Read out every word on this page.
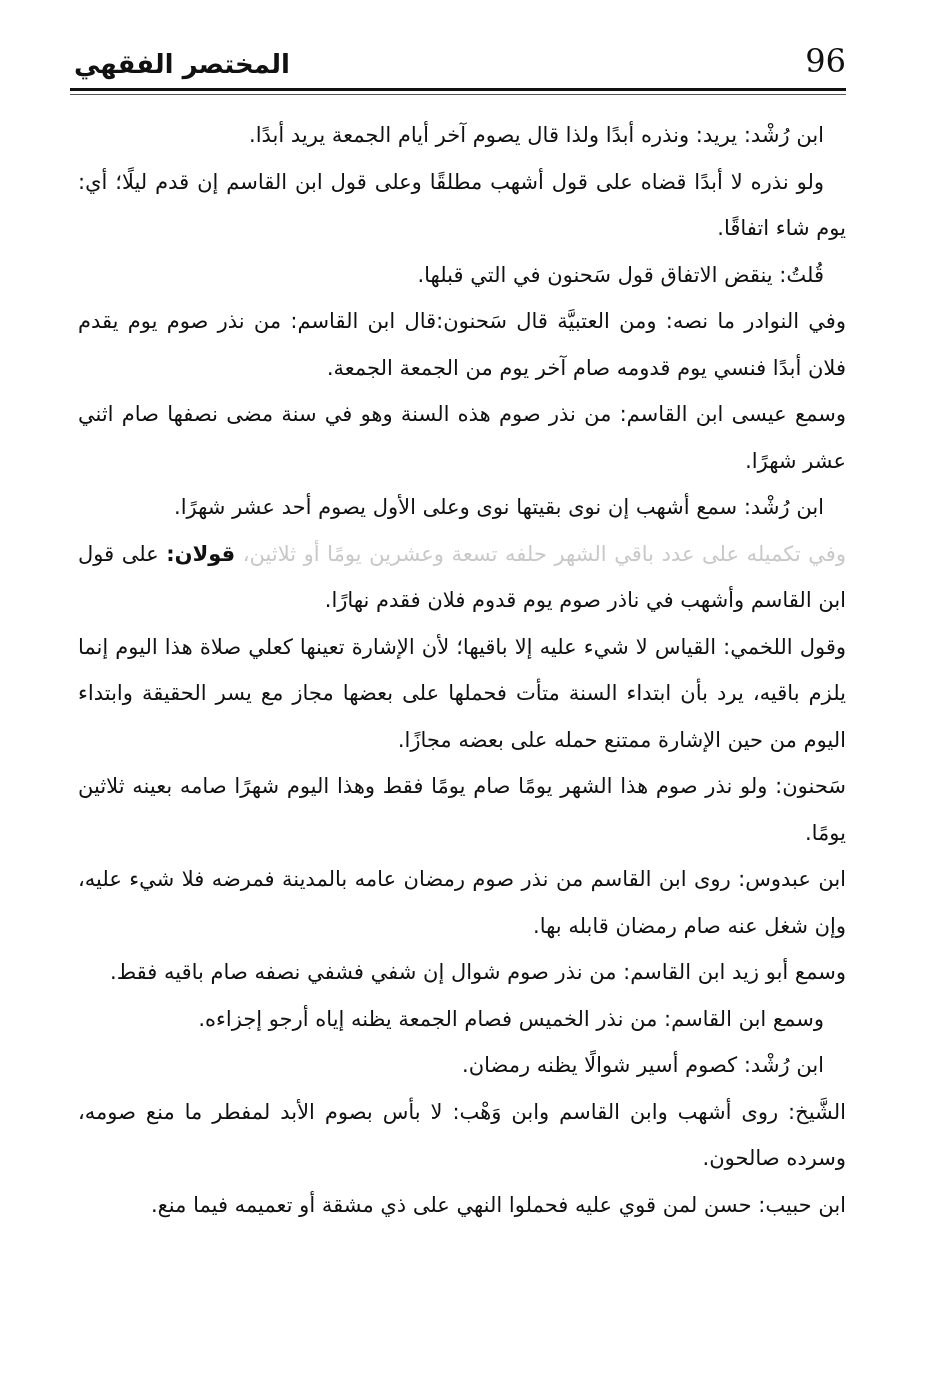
96
المختصر الفقهي

ابن رُشْد: يريد: ونذره أبدًا ولذا قال يصوم آخر أيام الجمعة يريد أبدًا.

ولو نذره لا أبدًا قضاه على قول أشهب مطلقًا وعلى قول ابن القاسم إن قدم ليلًا؛ أي: يوم شاء اتفاقًا.

قُلتُ: ينقض الاتفاق قول سَحنون في التي قبلها.

وفي النوادر ما نصه: ومن العتبيَّة قال سَحنون:قال ابن القاسم: من نذر صوم يوم يقدم فلان أبدًا فنسي يوم قدومه صام آخر يوم من الجمعة الجمعة.

وسمع عيسى ابن القاسم: من نذر صوم هذه السنة وهو في سنة مضى نصفها صام اثني عشر شهرًا.

ابن رُشْد: سمع أشهب إن نوى بقيتها نوى وعلى الأول يصوم أحد عشر شهرًا.

وفي تكميله على عدد باقي الشهر حلفه تسعة وعشرين يومًا أو ثلاثين، قولان: على قول ابن القاسم وأشهب في ناذر صوم يوم قدوم فلان فقدم نهارًا.

وقول اللخمي: القياس لا شيء عليه إلا باقيها؛ لأن الإشارة تعينها كعلي صلاة هذا اليوم إنما يلزم باقيه، يرد بأن ابتداء السنة متأت فحملها على بعضها مجاز مع يسر الحقيقة وابتداء اليوم من حين الإشارة ممتنع حمله على بعضه مجازًا.

سَحنون: ولو نذر صوم هذا الشهر يومًا صام يومًا فقط وهذا اليوم شهرًا صامه بعينه ثلاثين يومًا.

ابن عبدوس: روى ابن القاسم من نذر صوم رمضان عامه بالمدينة فمرضه فلا شيء عليه، وإن شغل عنه صام رمضان قابله بها.

وسمع أبو زيد ابن القاسم: من نذر صوم شوال إن شفي فشفي نصفه صام باقيه فقط.

وسمع ابن القاسم: من نذر الخميس فصام الجمعة يظنه إياه أرجو إجزاءه.

ابن رُشْد: كصوم أسير شوالًا يظنه رمضان.

الشَّيخ: روى أشهب وابن القاسم وابن وَهْب: لا بأس بصوم الأبد لمفطر ما منع صومه، وسرده صالحون.

ابن حبيب: حسن لمن قوي عليه فحملوا النهي على ذي مشقة أو تعميمه فيما منع.
